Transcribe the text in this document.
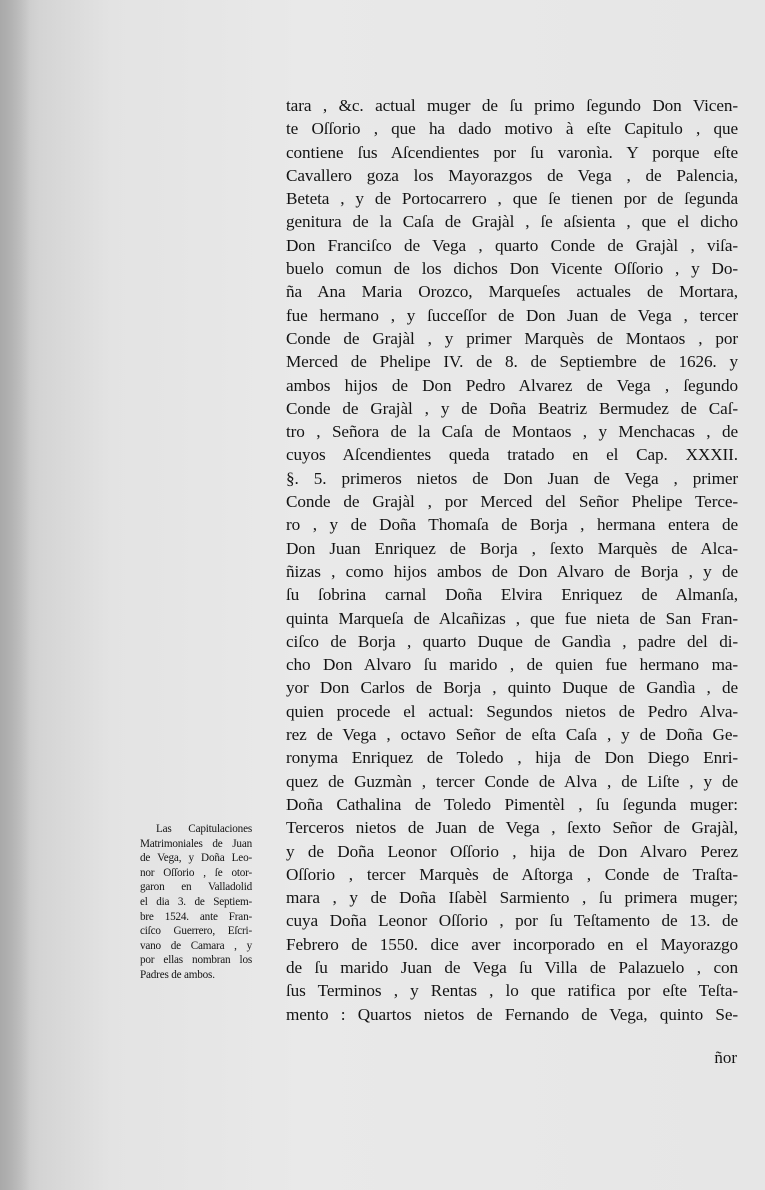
Las Capitulaciones
Matrimoniales de Juan
de Vega, y Doña Leo-
nor Oſſorio , ſe otor-
garon en Valladolid
el dia 3. de Septiem-
bre 1524. ante Fran-
ciſco Guerrero, Eſcri-
vano de Camara , y
por ellas nombran los
Padres de ambos.
tara , &c. actual muger de ſu primo ſegundo Don Vicen-
te Oſſorio , que ha dado motivo à eſte Capitulo , que
contiene ſus Aſcendientes por ſu varonìa. Y porque eſte
Cavallero goza los Mayorazgos de Vega , de Palencia,
Beteta , y de Portocarrero , que ſe tienen por de ſegunda
genitura de la Caſa de Grajàl , ſe aſsienta , que el dicho
Don Franciſco de Vega , quarto Conde de Grajàl , viſa-
buelo comun de los dichos Don Vicente Oſſorio , y Do-
ña Ana Maria Orozco, Marqueſes actuales de Mortara,
fue hermano , y ſucceſſor de Don Juan de Vega , tercer
Conde de Grajàl , y primer Marquès de Montaos , por
Merced de Phelipe IV. de 8. de Septiembre de 1626. y
ambos hijos de Don Pedro Alvarez de Vega , ſegundo
Conde de Grajàl , y de Doña Beatriz Bermudez de Caſ-
tro , Señora de la Caſa de Montaos , y Menchacas , de
cuyos Aſcendientes queda tratado en el Cap. XXXII.
§. 5. primeros nietos de Don Juan de Vega , primer
Conde de Grajàl , por Merced del Señor Phelipe Terce-
ro , y de Doña Thomaſa de Borja , hermana entera de
Don Juan Enriquez de Borja , ſexto Marquès de Alca-
ñizas , como hijos ambos de Don Alvaro de Borja , y de
ſu ſobrina carnal Doña Elvira Enriquez de Almanſa,
quinta Marqueſa de Alcañizas , que fue nieta de San Fran-
ciſco de Borja , quarto Duque de Gandìa , padre del di-
cho Don Alvaro ſu marido , de quien fue hermano ma-
yor Don Carlos de Borja , quinto Duque de Gandìa , de
quien procede el actual: Segundos nietos de Pedro Alva-
rez de Vega , octavo Señor de eſta Caſa , y de Doña Ge-
ronyma Enriquez de Toledo , hija de Don Diego Enri-
quez de Guzmàn , tercer Conde de Alva , de Liſte , y de
Doña Cathalina de Toledo Pimentèl , ſu ſegunda muger:
Terceros nietos de Juan de Vega , ſexto Señor de Grajàl,
y de Doña Leonor Oſſorio , hija de Don Alvaro Perez
Oſſorio , tercer Marquès de Aſtorga , Conde de Traſta-
mara , y de Doña Iſabèl Sarmiento , ſu primera muger;
cuya Doña Leonor Oſſorio , por ſu Teſtamento de 13. de
Febrero de 1550. dice aver incorporado en el Mayorazgo
de ſu marido Juan de Vega ſu Villa de Palazuelo , con
ſus Terminos , y Rentas , lo que ratifica por eſte Teſta-
mento : Quartos nietos de Fernando de Vega, quinto Se-
ñor
